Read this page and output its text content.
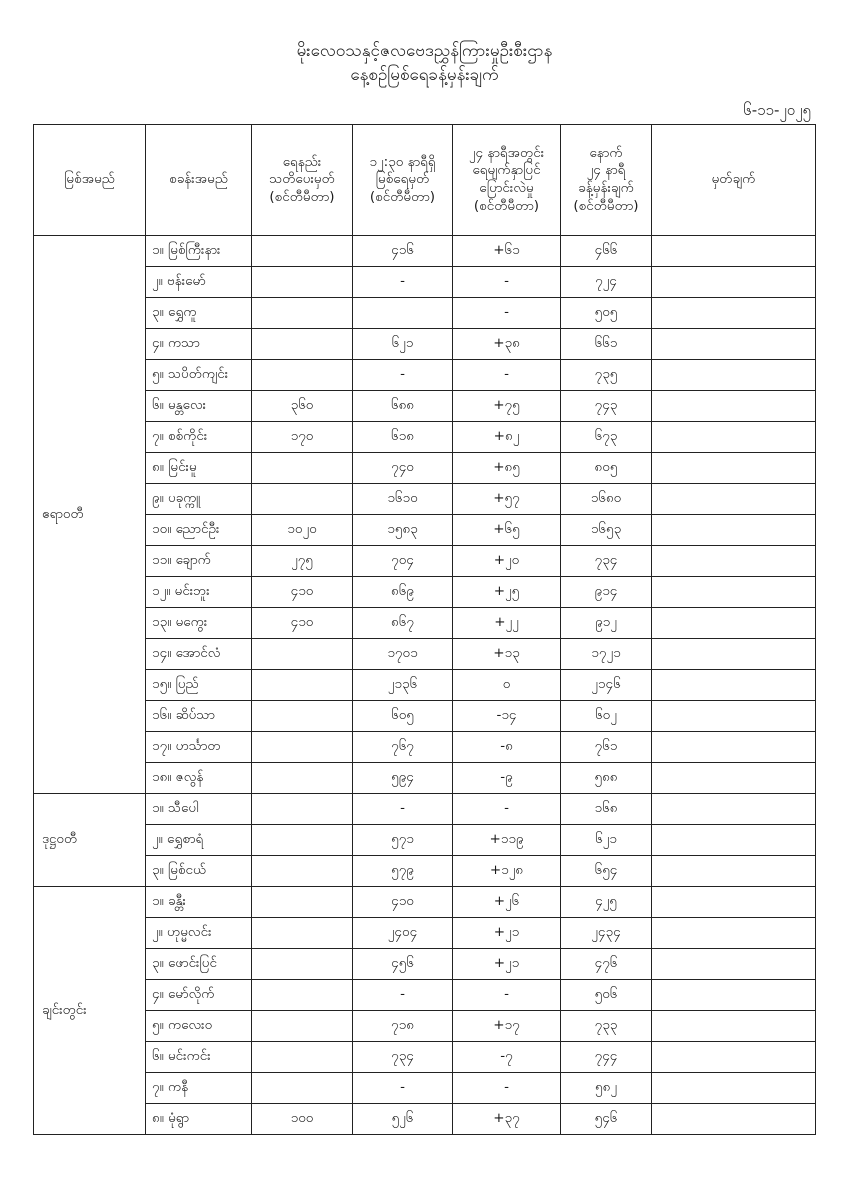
မိုးလေဝသနှင့်ဇလဗေဒညွှန်ကြားမှုဦးစီးဌာန
နေ့စဥ်မြစ်ရေခန့်မှန်းချက်
၆-၁၁-၂၀၂၅
မြစ်အမည်	စခန်းအမည်	ရေနည်း
သတိပေးမှတ်
(စင်တီမီတာ)	၁၂:၃၀ နာရီရှိ
မြစ်ရေမှတ်
(စင်တီမီတာ)	၂၄ နာရီအတွင်း
ရေမျက်နှာပြင်
ပြောင်းလဲမှု
(စင်တီမီတာ)	နောက်
၂၄ နာရီ
ခန့်မှန်းချက်
(စင်တီမီတာ)	မှတ်ချက်

ဧရာဝတီ	၁။ မြစ်ကြီးနား		၄၁၆	+၆၁	၄၆၆	
	၂။ ဗန်းမော်		-	-	၇၂၄	
	၃။ ရွှေကူ			-	၅၀၅	
	၄။ ကသာ		၆၂၁	+၃၈	၆၆၁	
	၅။ သပိတ်ကျင်း		-	-	၇၃၅	
	၆။ မန္တလေး	၃၆၀	၆၈၈	+၇၅	၇၄၃	
	၇။ စစ်ကိုင်း	၁၇၀	၆၁၈	+၈၂	၆၇၃	
	၈။ မြင်းမူ		၇၄၀	+၈၅	၈၀၅	
	၉။ ပခုက္ကူ		၁၆၁၀	+၅၇	၁၆၈၀	
	၁၀။ ညောင်ဦး	၁၀၂၀	၁၅၈၃	+၆၅	၁၆၅၃	
	၁၁။ ချောက်	၂၇၅	၇၀၄	+၂၀	၇၃၄	
	၁၂။ မင်းဘူး	၄၁၀	၈၆၉	+၂၅	၉၁၄	
	၁၃။ မကွေး	၄၁၀	၈၆၇	+၂၂	၉၁၂	
	၁၄။ အောင်လံ		၁၇၀၁	+၁၃	၁၇၂၁	
	၁၅။ ပြည်		၂၁၃၆	၀	၂၁၄၆	
	၁၆။ ဆိပ်သာ		၆၀၅	-၁၄	၆၀၂	
	၁၇။ ဟင်္သာတ		၇၆၇	-၈	၇၆၁	
	၁၈။ ဇလွန်		၅၉၄	-၉	၅၈၈	
ဒုဋ္ဌဝတီ	၁။ သီပေါ		-	-	၁၆၈	
	၂။ ရွှေစာရံ		၅၇၁	+၁၁၉	၆၂၁	
	၃။ မြစ်ငယ်		၅၇၉	+၁၂၈	၆၅၄	
ချင်းတွင်း	၁။ ခန္တီး		၄၁၀	+၂၆	၄၂၅	
	၂။ ဟုမ္မလင်း		၂၄၀၄	+၂၁	၂၄၃၄	
	၃။ ဖောင်းပြင်		၄၅၆	+၂၁	၄၇၆	
	၄။ မော်လိုက်		-	-	၅၀၆	
	၅။ ကလေးဝ		၇၁၈	+၁၇	၇၃၃	
	၆။ မင်းကင်း		၇၃၄	-၇	၇၄၄	
	၇။ ကနီ		-	-	၅၈၂	
	၈။ မုံရွာ	၁၀၀	၅၂၆	+၃၇	၅၄၆	
